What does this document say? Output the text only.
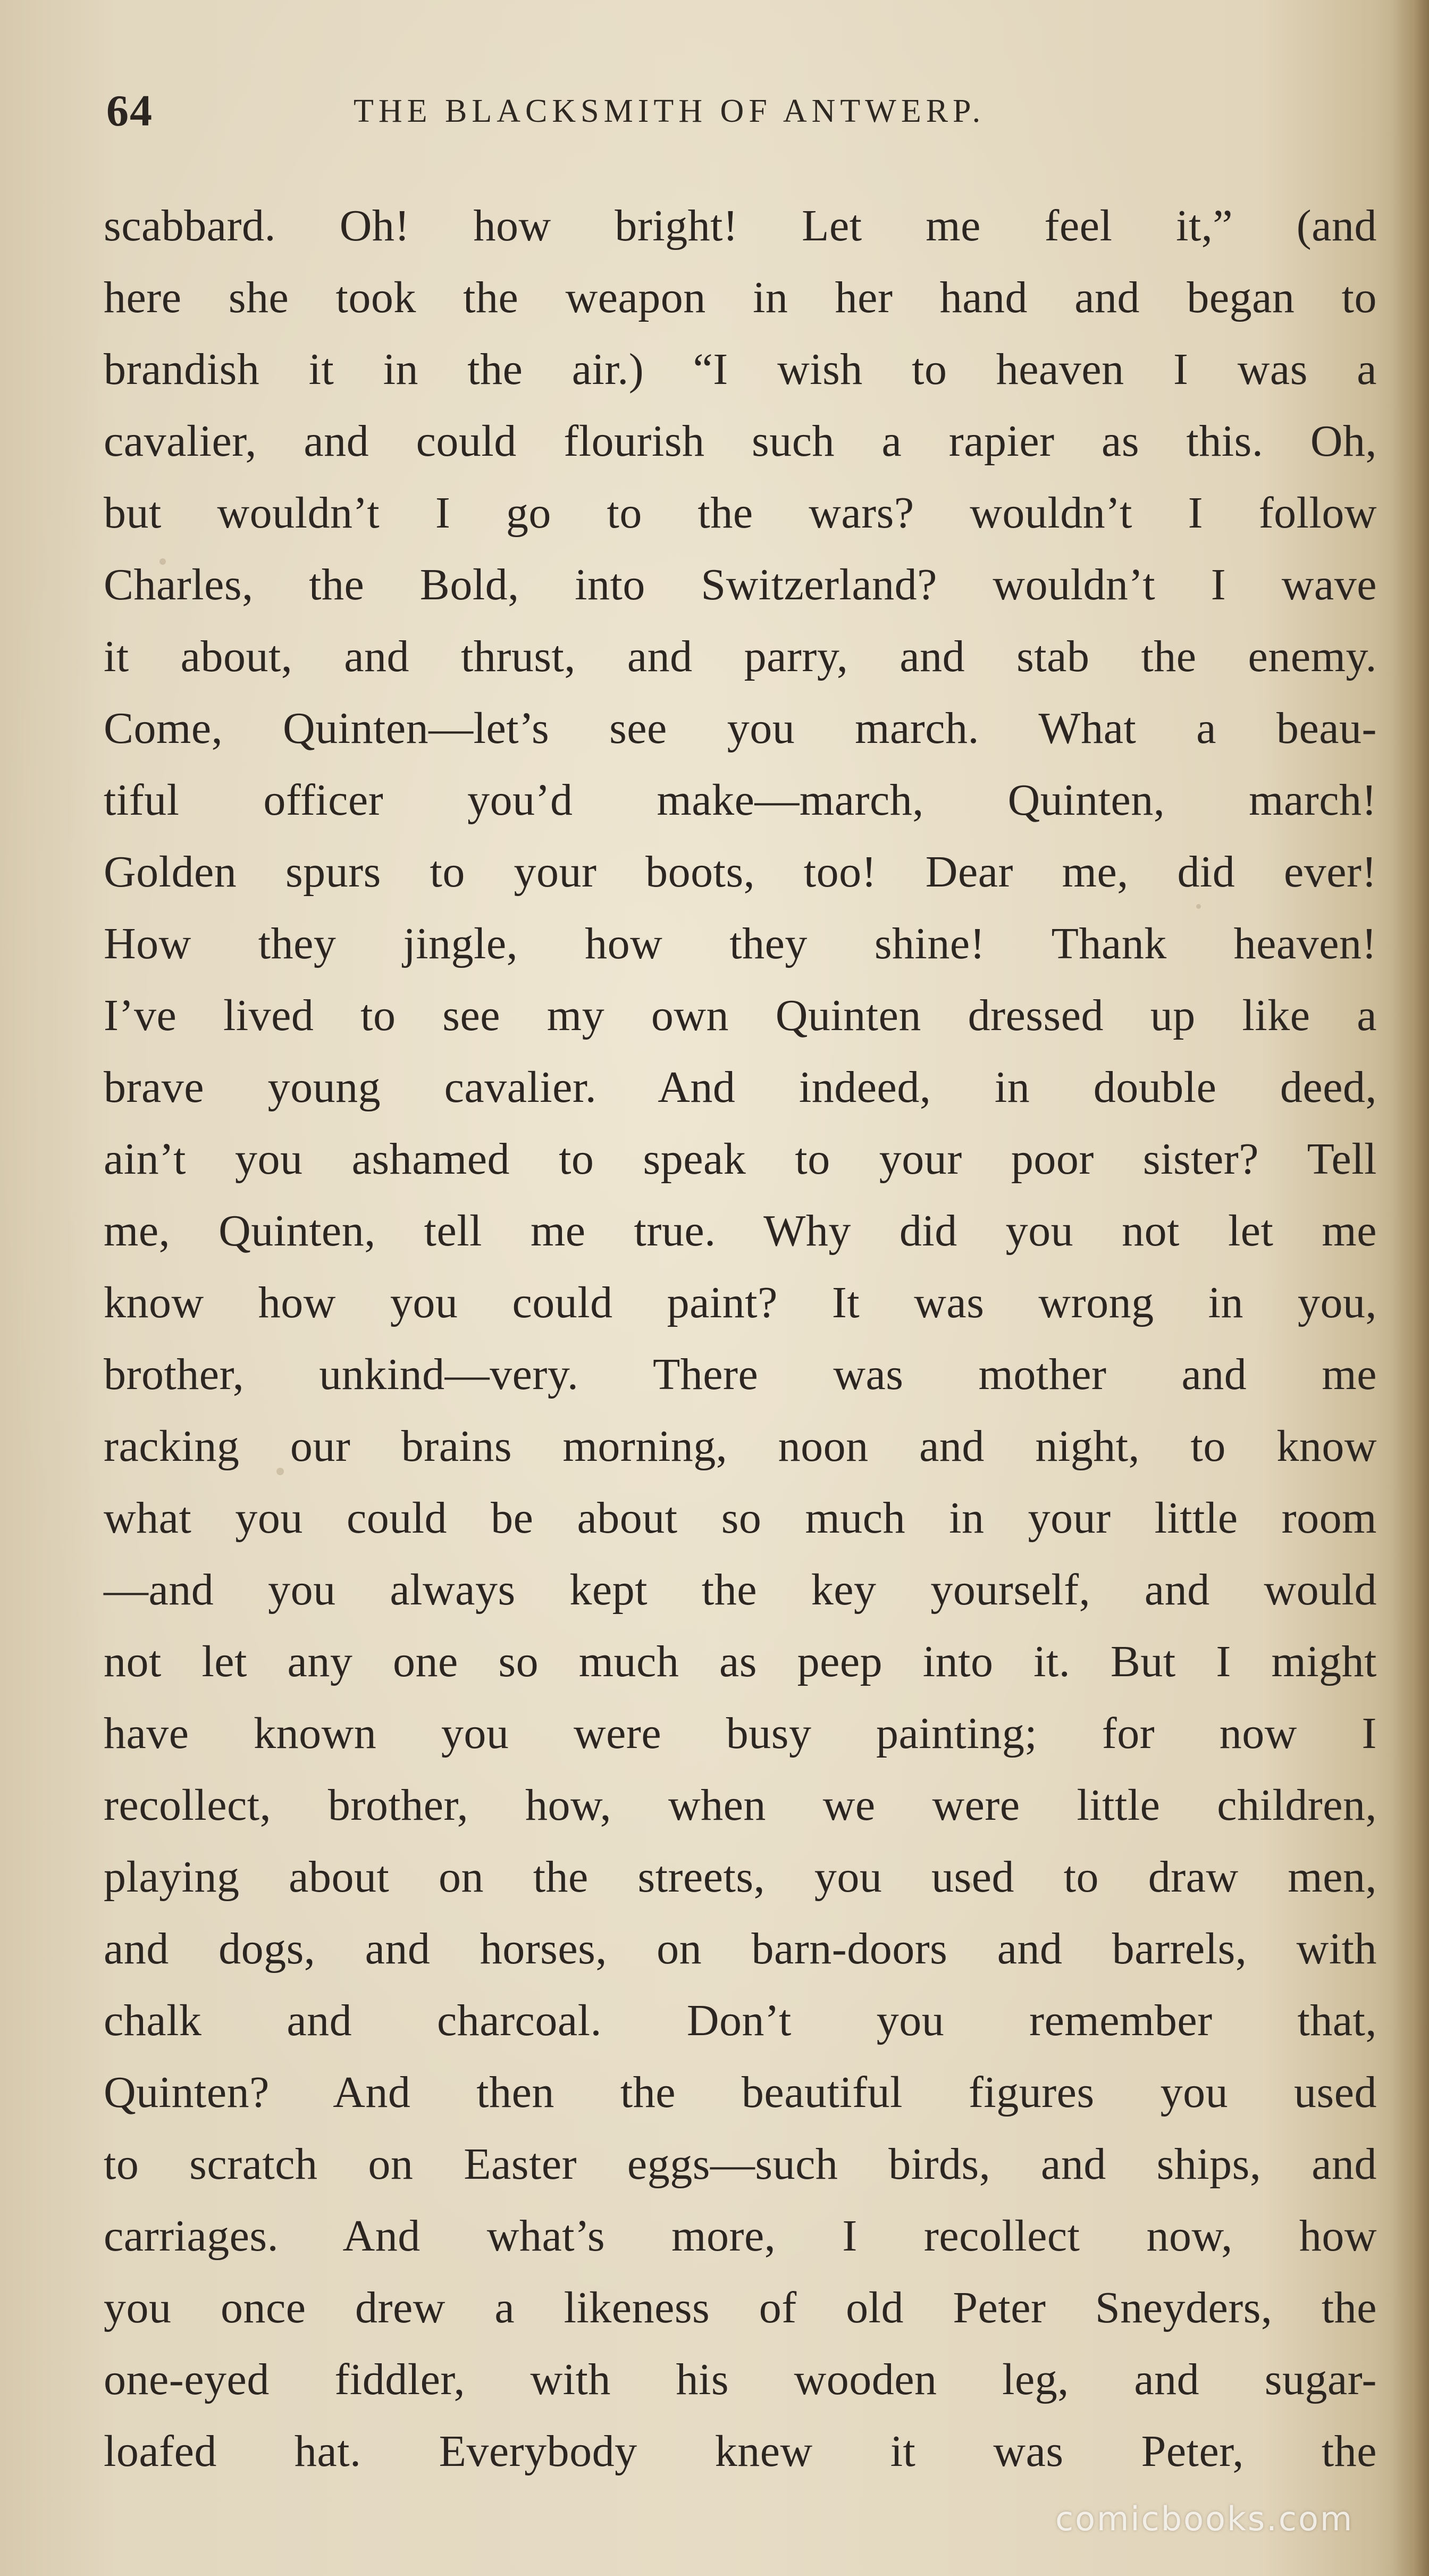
64	THE BLACKSMITH OF ANTWERP.
scabbard. Oh! how bright! Let me feel it,” (and
here she took the weapon in her hand and began to
brandish it in the air.) “I wish to heaven I was a
cavalier, and could flourish such a rapier as this. Oh,
but wouldn’t I go to the wars? wouldn’t I follow
Charles, the Bold, into Switzerland? wouldn’t I wave
it about, and thrust, and parry, and stab the enemy.
Come, Quinten—let’s see you march. What a beau-
tiful officer you’d make—march, Quinten, march!
Golden spurs to your boots, too! Dear me, did ever!
How they jingle, how they shine! Thank heaven!
I’ve lived to see my own Quinten dressed up like a
brave young cavalier. And indeed, in double deed,
ain’t you ashamed to speak to your poor sister? Tell
me, Quinten, tell me true. Why did you not let me
know how you could paint? It was wrong in you,
brother, unkind—very. There was mother and me
racking our brains morning, noon and night, to know
what you could be about so much in your little room
—and you always kept the key yourself, and would
not let any one so much as peep into it. But I might
have known you were busy painting; for now I
recollect, brother, how, when we were little children,
playing about on the streets, you used to draw men,
and dogs, and horses, on barn-doors and barrels, with
chalk and charcoal. Don’t you remember that,
Quinten? And then the beautiful figures you used
to scratch on Easter eggs—such birds, and ships, and
carriages. And what’s more, I recollect now, how
you once drew a likeness of old Peter Sneyders, the
one-eyed fiddler, with his wooden leg, and sugar-
loafed hat. Everybody knew it was Peter, the
comicbooks.com
